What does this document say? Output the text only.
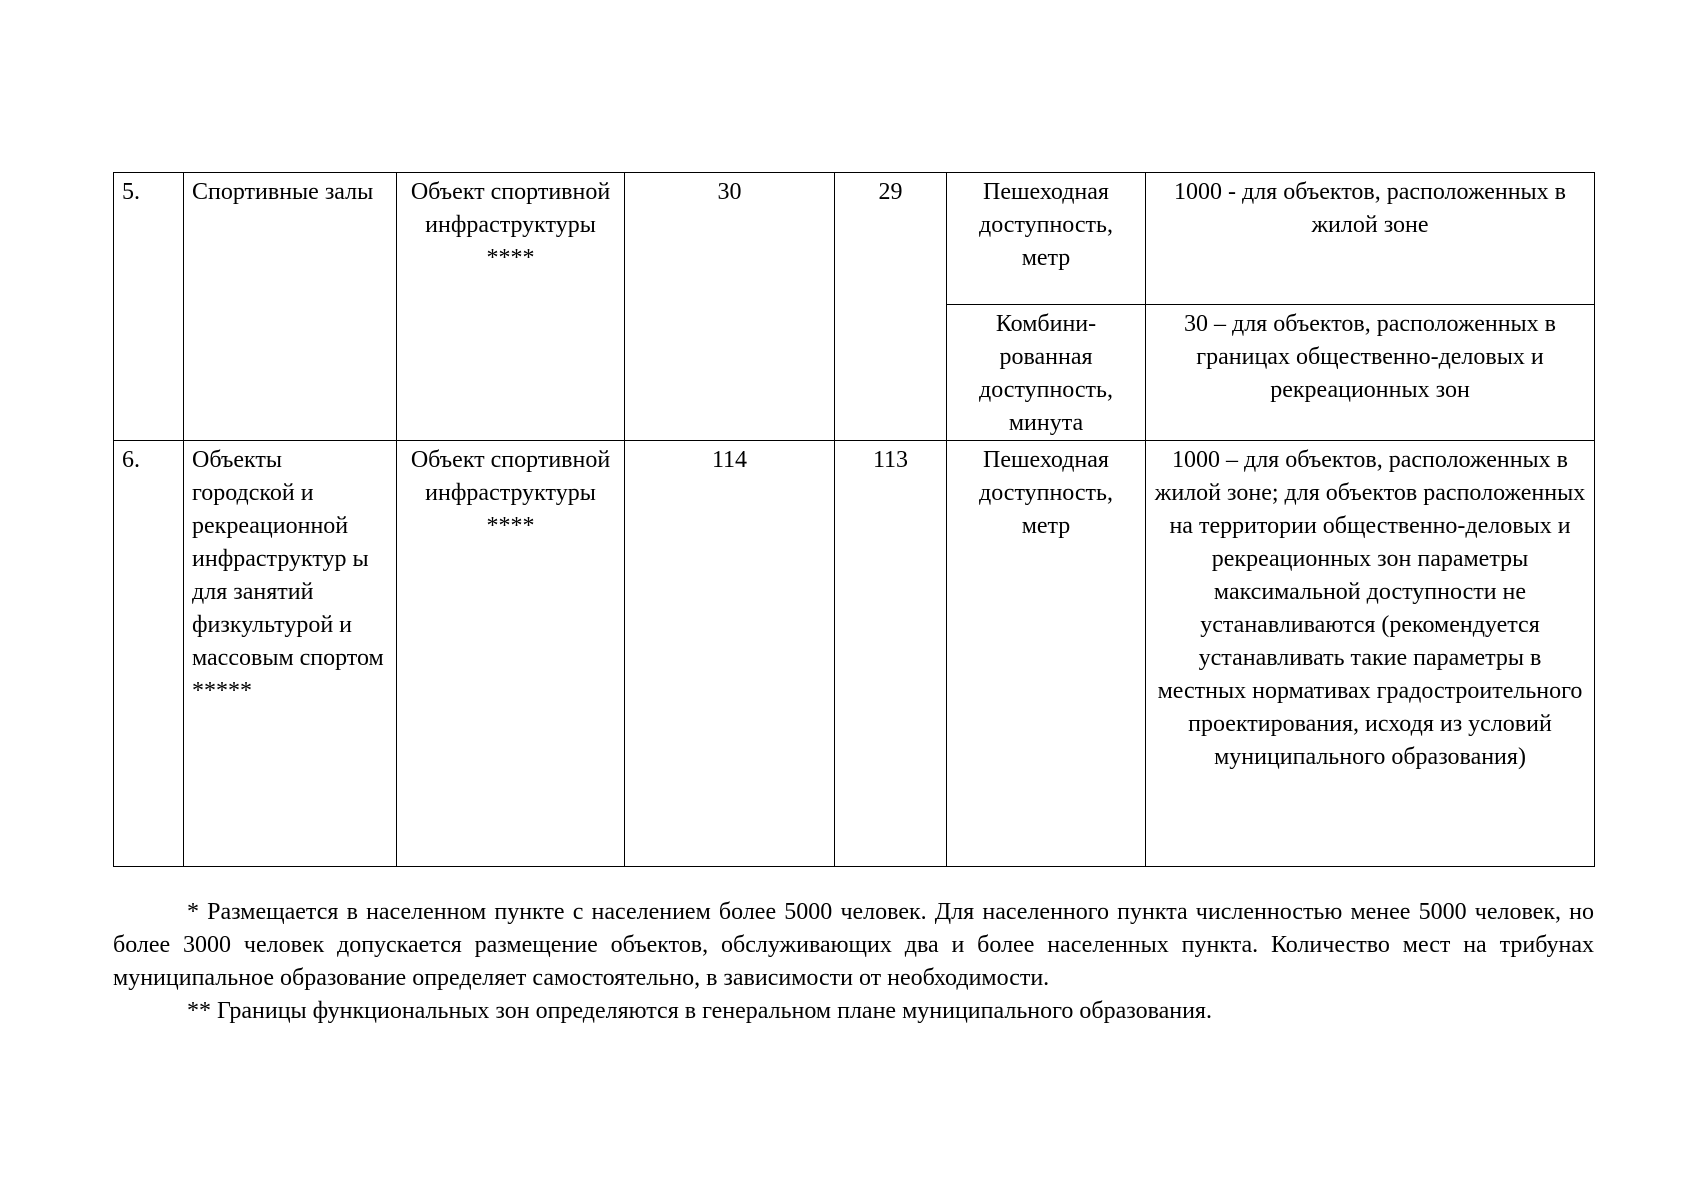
5.	Спортивные залы	Объект спортивной инфраструктуры ****	30	29	Пешеходная доступность, метр	1000 - для объектов, расположенных в жилой зоне
					Комбини-рованная доступность, минута	30 – для объектов, расположенных в границах общественно-деловых и рекреационных зон
6.	Объекты городской и рекреационной инфраструктур ы для занятий физкультурой и массовым спортом *****	Объект спортивной инфраструктуры ****	114	113	Пешеходная доступность, метр	1000 – для объектов, расположенных в жилой зоне; для объектов расположенных на территории общественно-деловых и рекреационных зон параметры максимальной доступности не устанавливаются (рекомендуется устанавливать такие параметры в местных нормативах градостроительного проектирования, исходя из условий муниципального образования)

* Размещается в населенном пункте с населением более 5000 человек. Для населенного пункта численностью менее 5000 человек, но более 3000 человек допускается размещение объектов, обслуживающих два и более населенных пункта. Количество мест на трибунах муниципальное образование определяет самостоятельно, в зависимости от необходимости.

** Границы функциональных зон определяются в генеральном плане муниципального образования.
